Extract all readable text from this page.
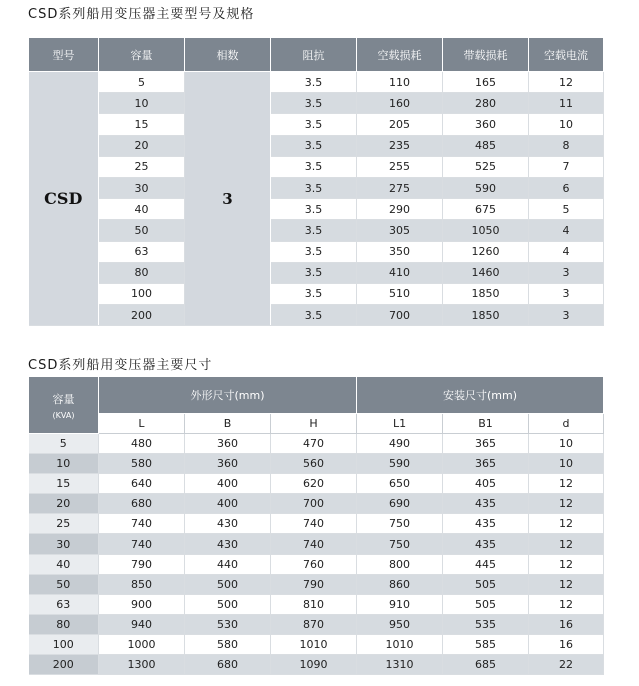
CSD系列船用变压器主要型号及规格
型号	容量	相数	阻抗	空载损耗	带载损耗	空载电流
CSD	5	3	3.5	110	165	12
	10		3.5	160	280	11
	15		3.5	205	360	10
	20		3.5	235	485	8
	25		3.5	255	525	7
	30		3.5	275	590	6
	40		3.5	290	675	5
	50		3.5	305	1050	4
	63		3.5	350	1260	4
	80		3.5	410	1460	3
	100		3.5	510	1850	3
	200		3.5	700	1850	3
CSD系列船用变压器主要尺寸
容量
(KVA)	外形尺寸(mm)			安装尺寸(mm)		
	L	B	H	L1	B1	d
5	480	360	470	490	365	10
10	580	360	560	590	365	10
15	640	400	620	650	405	12
20	680	400	700	690	435	12
25	740	430	740	750	435	12
30	740	430	740	750	435	12
40	790	440	760	800	445	12
50	850	500	790	860	505	12
63	900	500	810	910	505	12
80	940	530	870	950	535	16
100	1000	580	1010	1010	585	16
200	1300	680	1090	1310	685	22
